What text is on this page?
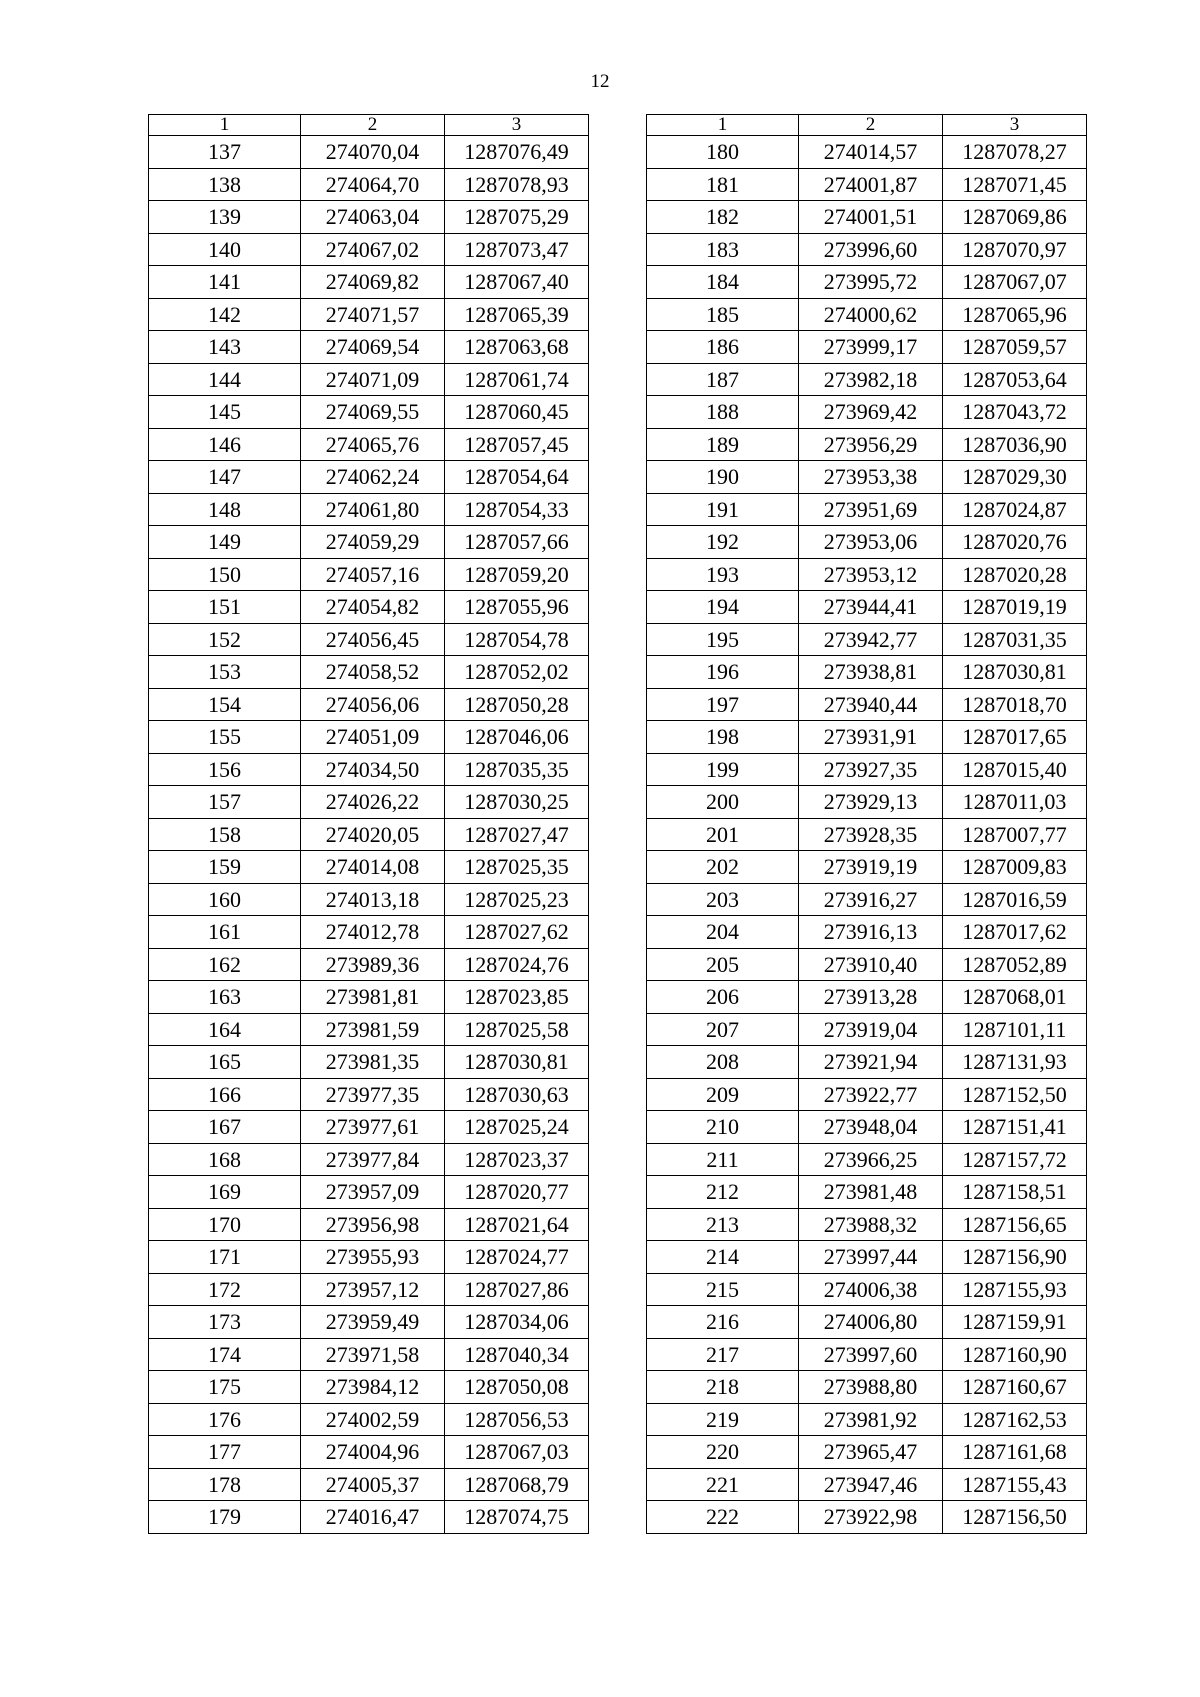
12
1	2	3
137	274070,04	1287076,49
138	274064,70	1287078,93
139	274063,04	1287075,29
140	274067,02	1287073,47
141	274069,82	1287067,40
142	274071,57	1287065,39
143	274069,54	1287063,68
144	274071,09	1287061,74
145	274069,55	1287060,45
146	274065,76	1287057,45
147	274062,24	1287054,64
148	274061,80	1287054,33
149	274059,29	1287057,66
150	274057,16	1287059,20
151	274054,82	1287055,96
152	274056,45	1287054,78
153	274058,52	1287052,02
154	274056,06	1287050,28
155	274051,09	1287046,06
156	274034,50	1287035,35
157	274026,22	1287030,25
158	274020,05	1287027,47
159	274014,08	1287025,35
160	274013,18	1287025,23
161	274012,78	1287027,62
162	273989,36	1287024,76
163	273981,81	1287023,85
164	273981,59	1287025,58
165	273981,35	1287030,81
166	273977,35	1287030,63
167	273977,61	1287025,24
168	273977,84	1287023,37
169	273957,09	1287020,77
170	273956,98	1287021,64
171	273955,93	1287024,77
172	273957,12	1287027,86
173	273959,49	1287034,06
174	273971,58	1287040,34
175	273984,12	1287050,08
176	274002,59	1287056,53
177	274004,96	1287067,03
178	274005,37	1287068,79
179	274016,47	1287074,75
1	2	3
180	274014,57	1287078,27
181	274001,87	1287071,45
182	274001,51	1287069,86
183	273996,60	1287070,97
184	273995,72	1287067,07
185	274000,62	1287065,96
186	273999,17	1287059,57
187	273982,18	1287053,64
188	273969,42	1287043,72
189	273956,29	1287036,90
190	273953,38	1287029,30
191	273951,69	1287024,87
192	273953,06	1287020,76
193	273953,12	1287020,28
194	273944,41	1287019,19
195	273942,77	1287031,35
196	273938,81	1287030,81
197	273940,44	1287018,70
198	273931,91	1287017,65
199	273927,35	1287015,40
200	273929,13	1287011,03
201	273928,35	1287007,77
202	273919,19	1287009,83
203	273916,27	1287016,59
204	273916,13	1287017,62
205	273910,40	1287052,89
206	273913,28	1287068,01
207	273919,04	1287101,11
208	273921,94	1287131,93
209	273922,77	1287152,50
210	273948,04	1287151,41
211	273966,25	1287157,72
212	273981,48	1287158,51
213	273988,32	1287156,65
214	273997,44	1287156,90
215	274006,38	1287155,93
216	274006,80	1287159,91
217	273997,60	1287160,90
218	273988,80	1287160,67
219	273981,92	1287162,53
220	273965,47	1287161,68
221	273947,46	1287155,43
222	273922,98	1287156,50
